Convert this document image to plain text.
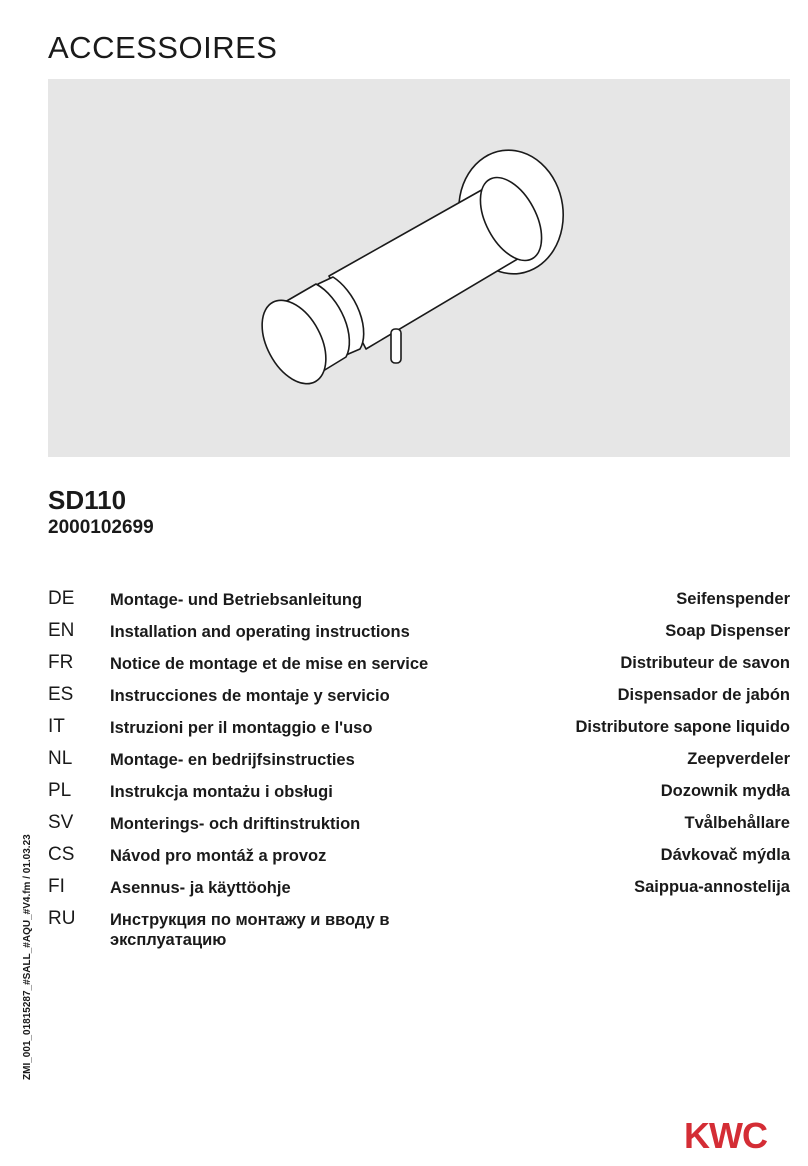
ACCESSOIRES
SD110
2000102699
DE Montage- und Betriebsanleitung	Seifenspender
EN Installation and operating instructions	Soap Dispenser
FR Notice de montage et de mise en service	Distributeur de savon
ES Instrucciones de montaje y servicio	Dispensador de jabón
IT	Istruzioni per il montaggio e l'uso	Distributore sapone liquido
NL Montage- en bedrijfsinstructies	Zeepverdeler
PL Instrukcja montażu i obsługi	Dozownik mydła
SV Monterings- och driftinstruktion	Tvålbehållare
CS Návod pro montáž a provoz	Dávkovač mýdla
FI	Asennus- ja käyttöohje	Saippua-annostelija
RU Инструкция по монтажу и вводу в эксплуатацию
ZMI_001_01815287_#SALL_#AQU_#V4.fm / 01.03.23
KWC
